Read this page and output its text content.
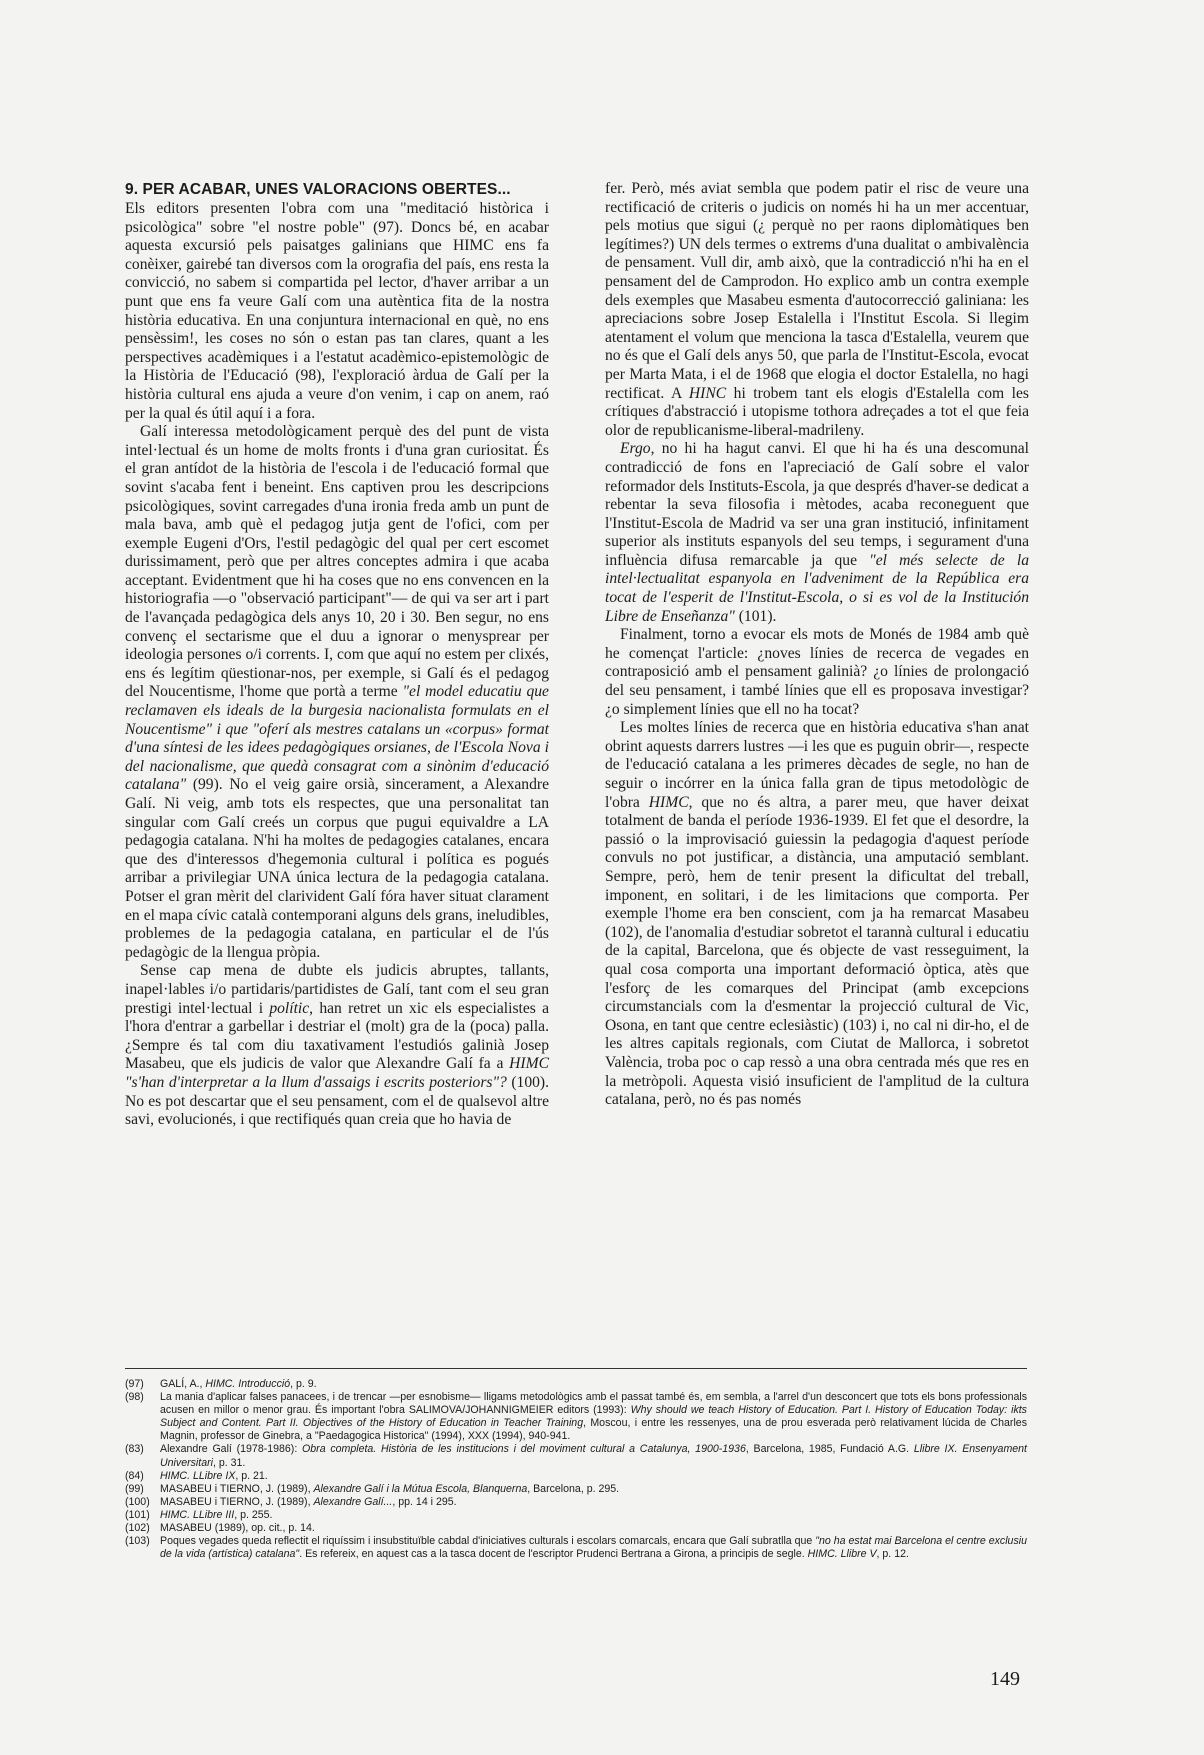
9. PER ACABAR, UNES VALORACIONS OBERTES...

Els editors presenten l'obra com una "meditació històrica i psicològica" sobre "el nostre poble" (97). Doncs bé, en acabar aquesta excursió pels paisatges galinians que HIMC ens fa conèixer, gairebé tan diversos com la orografia del país, ens resta la convicció, no sabem si compartida pel lector, d'haver arribar a un punt que ens fa veure Galí com una autèntica fita de la nostra història educativa. En una conjuntura internacional en què, no ens pensèssim!, les coses no són o estan pas tan clares, quant a les perspectives acadèmiques i a l'estatut acadèmico-epistemològic de la Història de l'Educació (98), l'exploració àrdua de Galí per la història cultural ens ajuda a veure d'on venim, i cap on anem, raó per la qual és útil aquí i a fora.

Galí interessa metodològicament perquè des del punt de vista intel·lectual és un home de molts fronts i d'una gran curiositat. És el gran antídot de la història de l'escola i de l'educació formal que sovint s'acaba fent i beneint. Ens captiven prou les descripcions psicològiques, sovint carregades d'una ironia freda amb un punt de mala bava, amb què el pedagog jutja gent de l'ofici, com per exemple Eugeni d'Ors, l'estil pedagògic del qual per cert escomet durissimament, però que per altres conceptes admira i que acaba acceptant. Evidentment que hi ha coses que no ens convencen en la historiografia —o "observació participant"— de qui va ser art i part de l'avançada pedagògica dels anys 10, 20 i 30. Ben segur, no ens convenç el sectarisme que el duu a ignorar o menysprear per ideologia persones o/i corrents. I, com que aquí no estem per clixés, ens és legítim qüestionar-nos, per exemple, si Galí és el pedagog del Noucentisme, l'home que portà a terme "el model educatiu que reclamaven els ideals de la burgesia nacionalista formulats en el Noucentisme" i que "oferí als mestres catalans un «corpus» format d'una síntesi de les idees pedagògiques orsianes, de l'Escola Nova i del nacionalisme, que quedà consagrat com a sinònim d'educació catalana" (99). No el veig gaire orsià, sincerament, a Alexandre Galí. Ni veig, amb tots els respectes, que una personalitat tan singular com Galí creés un corpus que pugui equivaldre a LA pedagogia catalana. N'hi ha moltes de pedagogies catalanes, encara que des d'interessos d'hegemonia cultural i política es pogués arribar a privilegiar UNA única lectura de la pedagogia catalana. Potser el gran mèrit del clarivident Galí fóra haver situat clarament en el mapa cívic català contemporani alguns dels grans, ineludibles, problemes de la pedagogia catalana, en particular el de l'ús pedagògic de la llengua pròpia.

Sense cap mena de dubte els judicis abruptes, tallants, inapel·lables i/o partidaris/partidistes de Galí, tant com el seu gran prestigi intel·lectual i polític, han retret un xic els especialistes a l'hora d'entrar a garbellar i destriar el (molt) gra de la (poca) palla. ¿Sempre és tal com diu taxativament l'estudiós galinià Josep Masabeu, que els judicis de valor que Alexandre Galí fa a HIMC "s'han d'interpretar a la llum d'assaigs i escrits posteriors"? (100). No es pot descartar que el seu pensament, com el de qualsevol altre savi, evolucionés, i que rectifiqués quan creia que ho havia de

fer. Però, més aviat sembla que podem patir el risc de veure una rectificació de criteris o judicis on només hi ha un mer accentuar, pels motius que sigui (¿ perquè no per raons diplomàtiques ben legítimes?) UN dels termes o extrems d'una dualitat o ambivalència de pensament. Vull dir, amb això, que la contradicció n'hi ha en el pensament del de Camprodon. Ho explico amb un contra exemple dels exemples que Masabeu esmenta d'autocorrecció galiniana: les apreciacions sobre Josep Estalella i l'Institut Escola. Si llegim atentament el volum que menciona la tasca d'Estalella, veurem que no és que el Galí dels anys 50, que parla de l'Institut-Escola, evocat per Marta Mata, i el de 1968 que elogia el doctor Estalella, no hagi rectificat. A HINC hi trobem tant els elogis d'Estalella com les crítiques d'abstracció i utopisme tothora adreçades a tot el que feia olor de republicanisme-liberal-madrileny.

Ergo, no hi ha hagut canvi. El que hi ha és una descomunal contradicció de fons en l'apreciació de Galí sobre el valor reformador dels Instituts-Escola, ja que després d'haver-se dedicat a rebentar la seva filosofia i mètodes, acaba reconeguent que l'Institut-Escola de Madrid va ser una gran institució, infinitament superior als instituts espanyols del seu temps, i segurament d'una influència difusa remarcable ja que "el més selecte de la intel·lectualitat espanyola en l'adveniment de la República era tocat de l'esperit de l'Institut-Escola, o si es vol de la Institución Libre de Enseñanza" (101).

Finalment, torno a evocar els mots de Monés de 1984 amb què he començat l'article: ¿noves línies de recerca de vegades en contraposició amb el pensament galinià? ¿o línies de prolongació del seu pensament, i també línies que ell es proposava investigar? ¿o simplement línies que ell no ha tocat?

Les moltes línies de recerca que en història educativa s'han anat obrint aquests darrers lustres —i les que es puguin obrir—, respecte de l'educació catalana a les primeres dècades de segle, no han de seguir o incórrer en la única falla gran de tipus metodològic de l'obra HIMC, que no és altra, a parer meu, que haver deixat totalment de banda el període 1936-1939. El fet que el desordre, la passió o la improvisació guiessin la pedagogia d'aquest període convuls no pot justificar, a distància, una amputació semblant. Sempre, però, hem de tenir present la dificultat del treball, imponent, en solitari, i de les limitacions que comporta. Per exemple l'home era ben conscient, com ja ha remarcat Masabeu (102), de l'anomalia d'estudiar sobretot el tarannà cultural i educatiu de la capital, Barcelona, que és objecte de vast resseguiment, la qual cosa comporta una important deformació òptica, atès que l'esforç de les comarques del Principat (amb excepcions circumstancials com la d'esmentar la projecció cultural de Vic, Osona, en tant que centre eclesiàstic) (103) i, no cal ni dir-ho, el de les altres capitals regionals, com Ciutat de Mallorca, i sobretot València, troba poc o cap ressò a una obra centrada més que res en la metròpoli. Aquesta visió insuficient de l'amplitud de la cultura catalana, però, no és pas només

(97)	GALÍ, A., HIMC. Introducció, p. 9.
(98)	La mania d'aplicar falses panacees, i de trencar —per esnobisme— lligams metodològics amb el passat també és, em sembla, a l'arrel d'un desconcert que tots els bons professionals acusen en millor o menor grau. És important l'obra SALIMOVA/JOHANNIGMEIER editors (1993): Why should we teach History of Education. Part I. History of Education Today: ikts Subject and Content. Part II. Objectives of the History of Education in Teacher Training, Moscou, i entre les ressenyes, una de prou esverada però relativament lúcida de Charles Magnin, professor de Ginebra, a "Paedagogica Historica" (1994), XXX (1994), 940-941.
(83)	Alexandre Galí (1978-1986): Obra completa. Història de les institucions i del moviment cultural a Catalunya, 1900-1936, Barcelona, 1985, Fundació A.G. Llibre IX. Ensenyament Universitari, p. 31.
(84)	HIMC. LLibre IX, p. 21.
(99)	MASABEU i TIERNO, J. (1989), Alexandre Galí i la Mútua Escola, Blanquerna, Barcelona, p. 295.
(100) MASABEU i TIERNO, J. (1989), Alexandre Galí..., pp. 14 i 295.
(101) HIMC. LLibre III, p. 255.
(102) MASABEU (1989), op. cit., p. 14.
(103) Poques vegades queda reflectit el riquíssim i insubstituïble cabdal d'iniciatives culturals i escolars comarcals, encara que Galí subratlla que "no ha estat mai Barcelona el centre exclusiu de la vida (artística) catalana". Es refereix, en aquest cas a la tasca docent de l'escriptor Prudenci Bertrana a Girona, a principis de segle. HIMC. Llibre V, p. 12.
149
